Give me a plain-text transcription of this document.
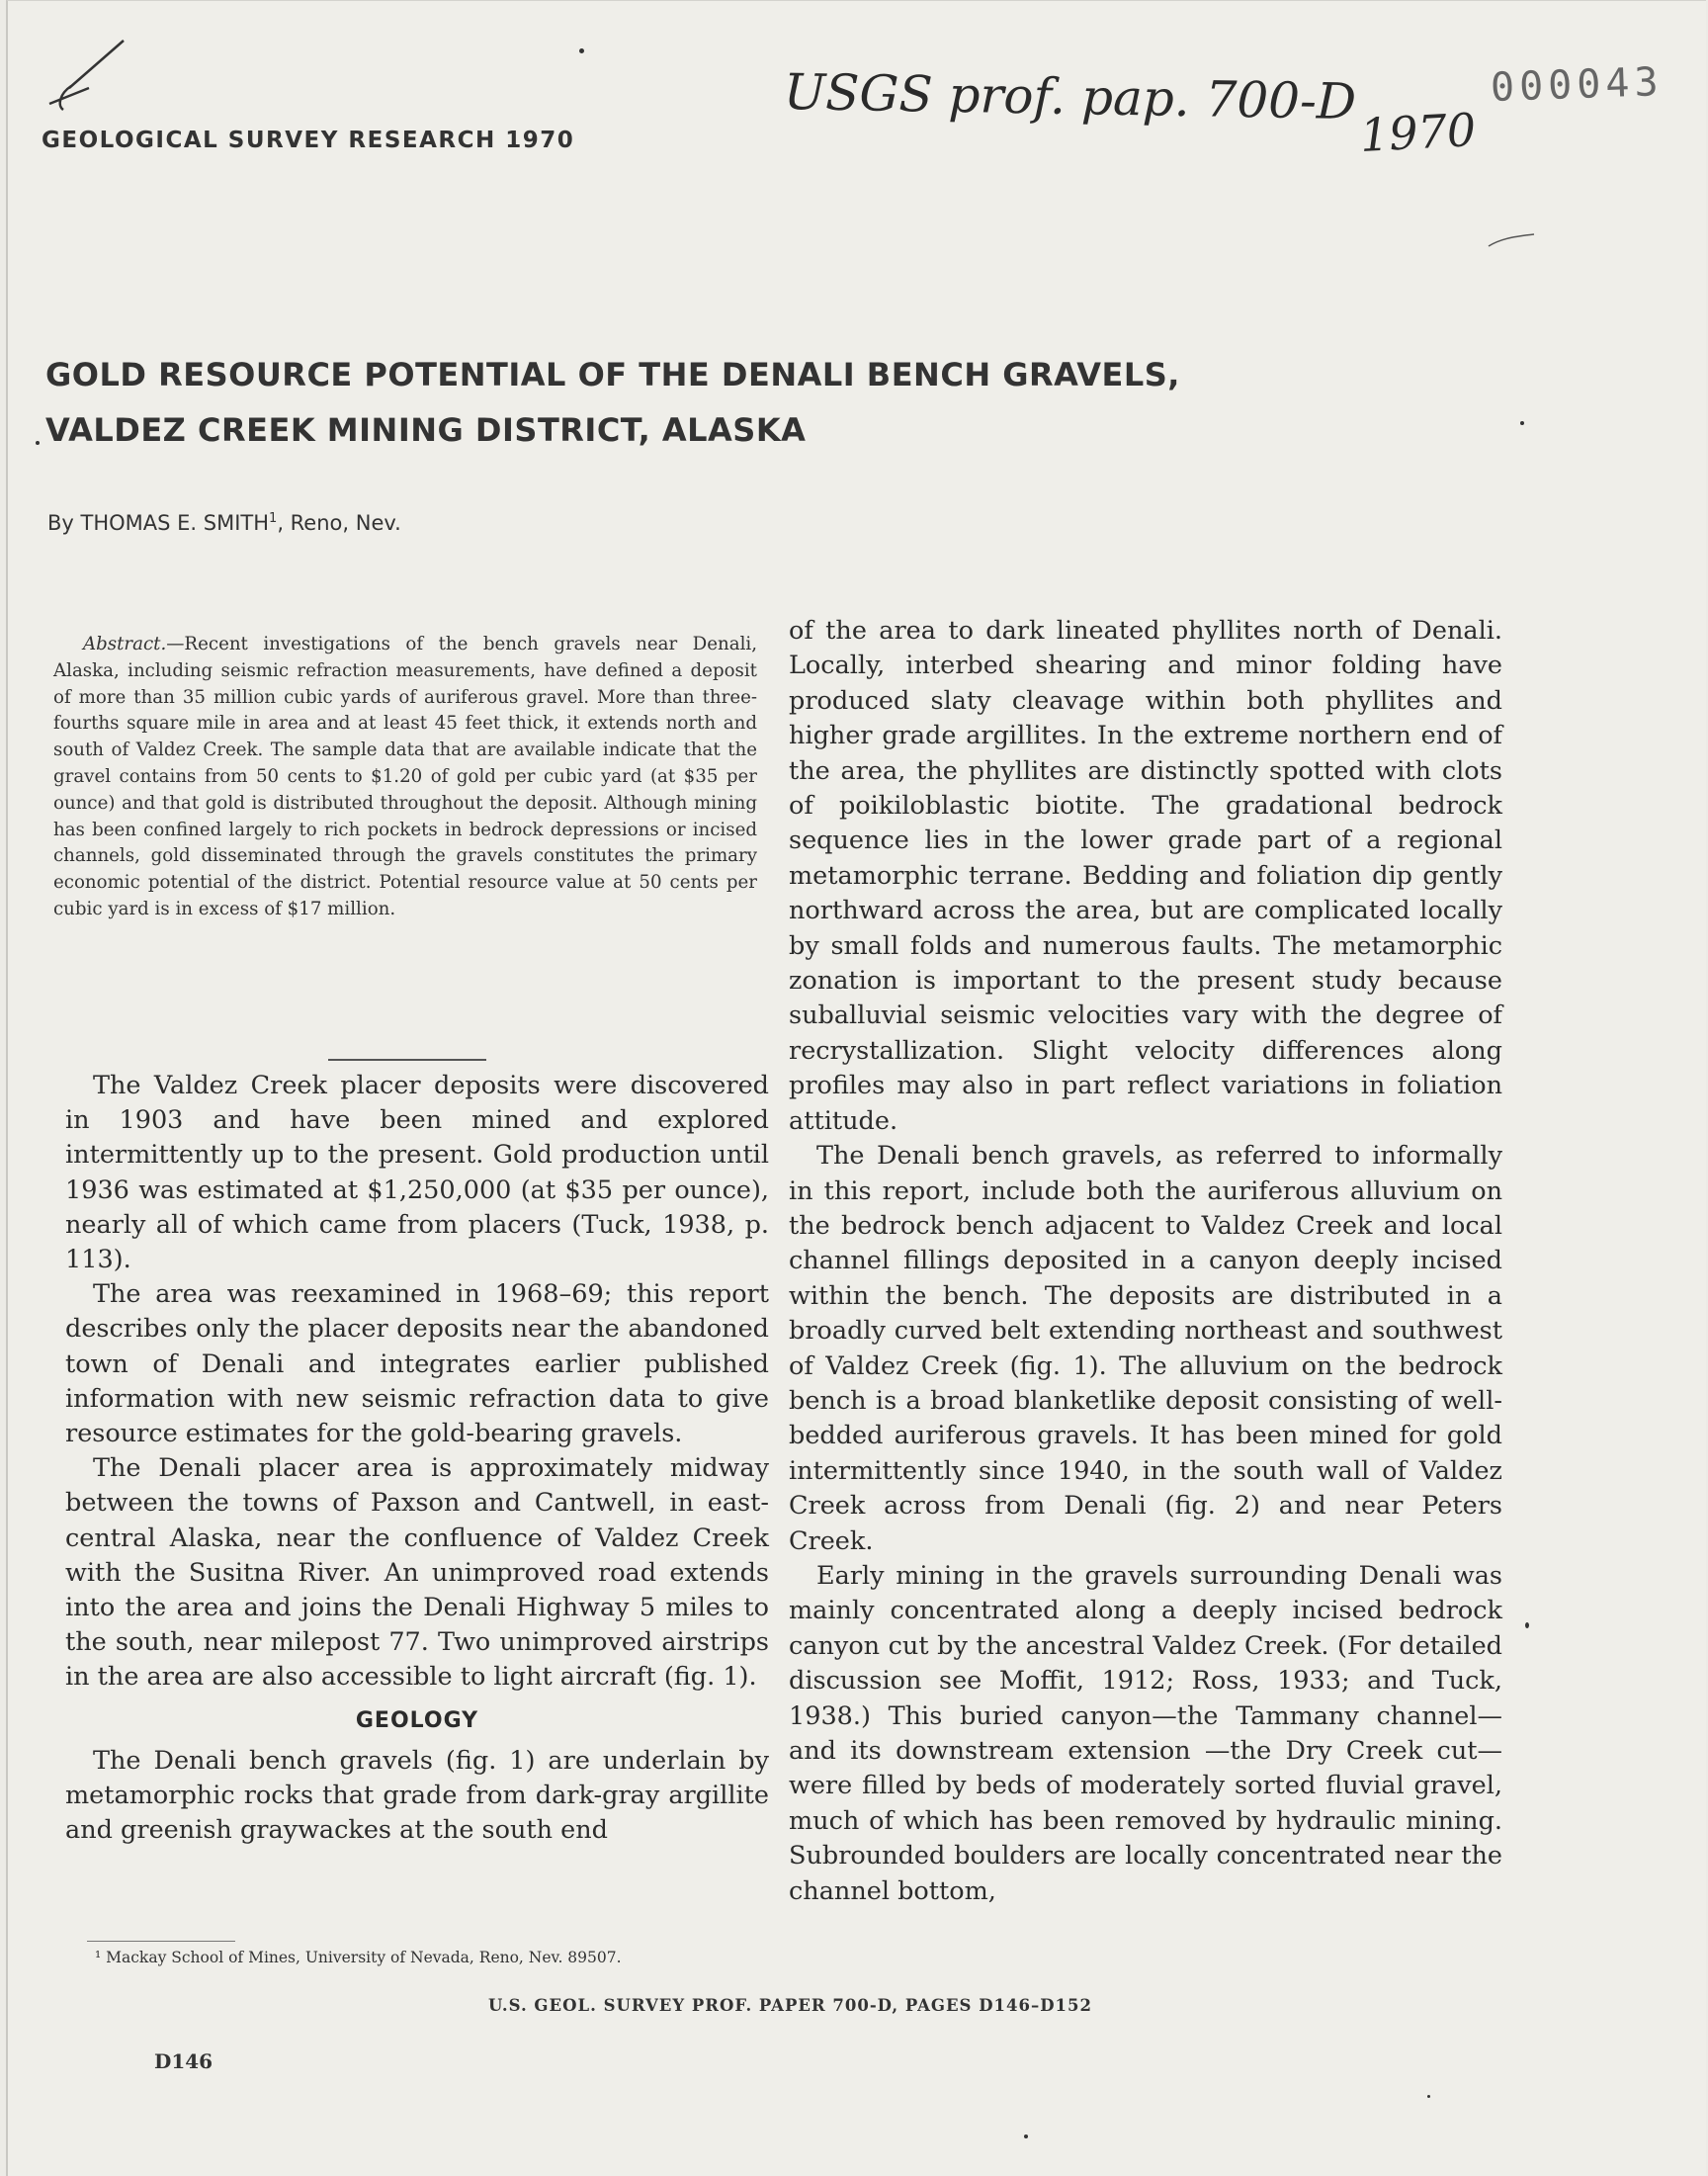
GEOLOGICAL SURVEY RESEARCH 1970
USGS prof. pap. 700-D
1970
000043
GOLD RESOURCE POTENTIAL OF THE DENALI BENCH GRAVELS,
VALDEZ CREEK MINING DISTRICT, ALASKA
By THOMAS E. SMITH$^1$, Reno, Nev.
Abstract.—Recent investigations of the bench gravels near Denali, Alaska, including seismic refraction measurements, have defined a deposit of more than 35 million cubic yards of auriferous gravel. More than three-fourths square mile in area and at least 45 feet thick, it extends north and south of Valdez Creek. The sample data that are available indicate that the gravel contains from 50 cents to $1.20 of gold per cubic yard (at $35 per ounce) and that gold is distributed throughout the deposit. Although mining has been confined largely to rich pockets in bedrock depressions or incised channels, gold disseminated through the gravels constitutes the primary economic potential of the district. Potential resource value at 50 cents per cubic yard is in excess of $17 million.

The Valdez Creek placer deposits were discovered in 1903 and have been mined and explored intermittently up to the present. Gold production until 1936 was estimated at $1,250,000 (at $35 per ounce), nearly all of which came from placers (Tuck, 1938, p. 113).

The area was reexamined in 1968–69; this report describes only the placer deposits near the abandoned town of Denali and integrates earlier published information with new seismic refraction data to give resource estimates for the gold-bearing gravels.

The Denali placer area is approximately midway between the towns of Paxson and Cantwell, in east-central Alaska, near the confluence of Valdez Creek with the Susitna River. An unimproved road extends into the area and joins the Denali Highway 5 miles to the south, near milepost 77. Two unimproved airstrips in the area are also accessible to light aircraft (fig. 1).

GEOLOGY

The Denali bench gravels (fig. 1) are underlain by metamorphic rocks that grade from dark-gray argillite and greenish graywackes at the south end

of the area to dark lineated phyllites north of Denali. Locally, interbed shearing and minor folding have produced slaty cleavage within both phyllites and higher grade argillites. In the extreme northern end of the area, the phyllites are distinctly spotted with clots of poikiloblastic biotite. The gradational bedrock sequence lies in the lower grade part of a regional metamorphic terrane. Bedding and foliation dip gently northward across the area, but are complicated locally by small folds and numerous faults. The metamorphic zonation is important to the present study because suballuvial seismic velocities vary with the degree of recrystallization. Slight velocity differences along profiles may also in part reflect variations in foliation attitude.

The Denali bench gravels, as referred to informally in this report, include both the auriferous alluvium on the bedrock bench adjacent to Valdez Creek and local channel fillings deposited in a canyon deeply incised within the bench. The deposits are distributed in a broadly curved belt extending northeast and southwest of Valdez Creek (fig. 1). The alluvium on the bedrock bench is a broad blanketlike deposit consisting of well-bedded auriferous gravels. It has been mined for gold intermittently since 1940, in the south wall of Valdez Creek across from Denali (fig. 2) and near Peters Creek.

Early mining in the gravels surrounding Denali was mainly concentrated along a deeply incised bedrock canyon cut by the ancestral Valdez Creek. (For detailed discussion see Moffit, 1912; Ross, 1933; and Tuck, 1938.) This buried canyon—the Tammany channel—and its downstream extension —the Dry Creek cut—were filled by beds of moderately sorted fluvial gravel, much of which has been removed by hydraulic mining. Subrounded boulders are locally concentrated near the channel bottom,

¹ Mackay School of Mines, University of Nevada, Reno, Nev. 89507.
U.S. GEOL. SURVEY PROF. PAPER 700-D, PAGES D146–D152
D146
